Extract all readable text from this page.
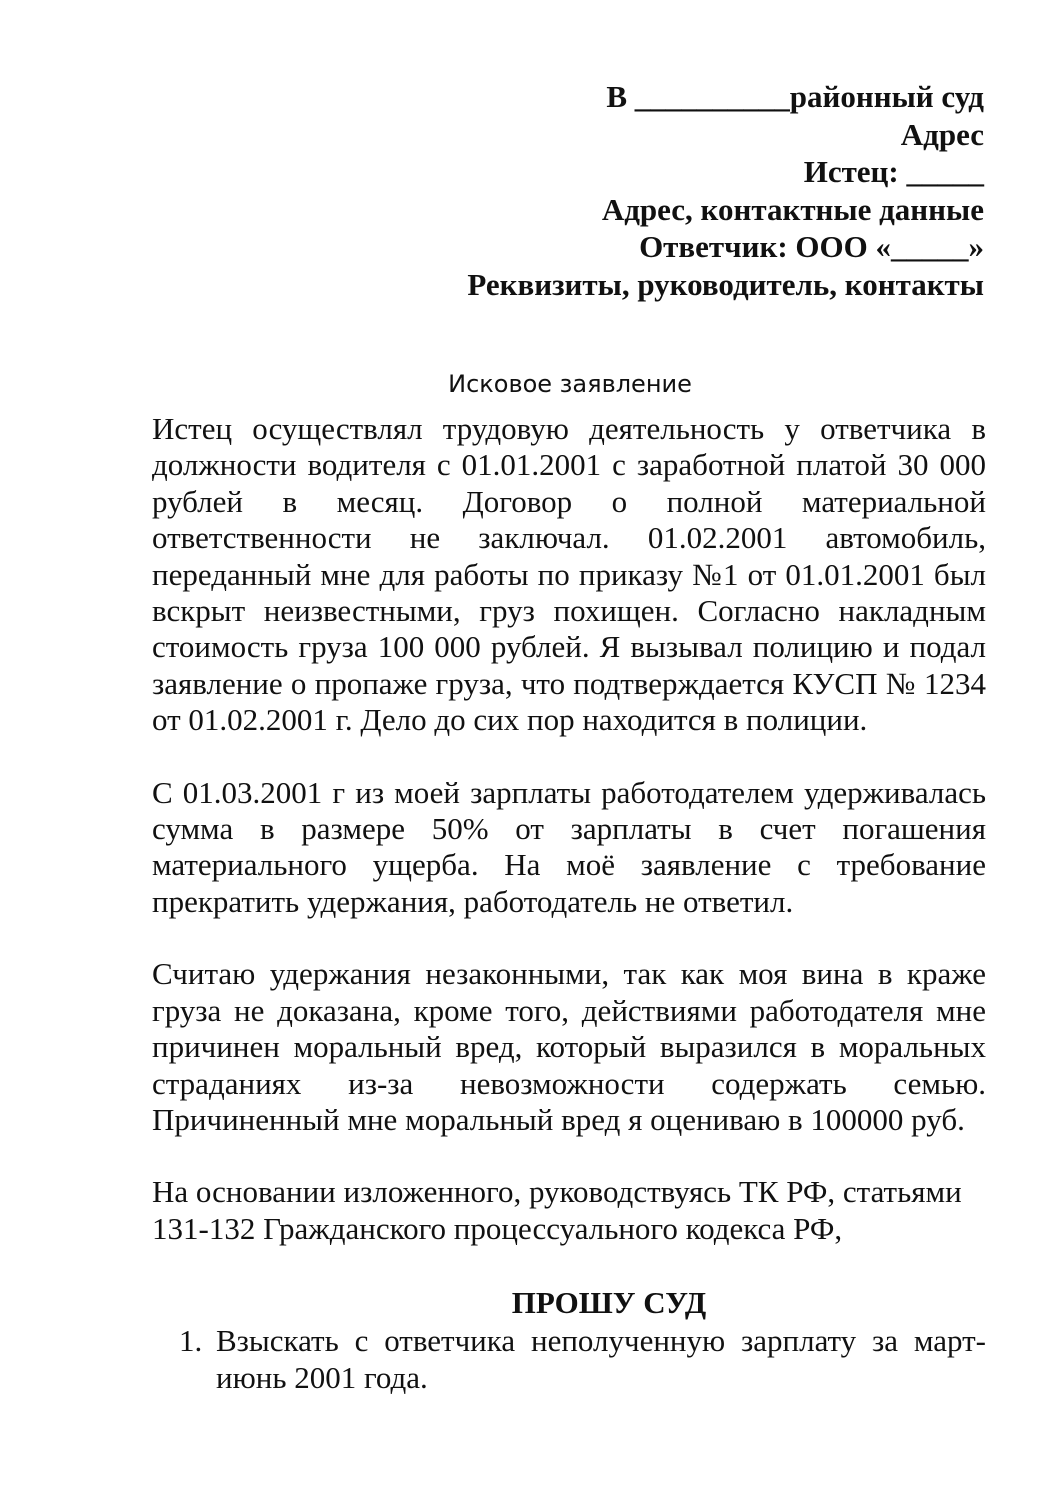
В __________районный суд
Адрес
Истец: _____
Адрес, контактные данные
Ответчик: ООО «_____»
Реквизиты, руководитель, контакты
Исковое заявление

Истец осуществлял трудовую деятельность у ответчика в должности водителя с 01.01.2001 с заработной платой 30 000 рублей в месяц. Договор о полной материальной ответственности не заключал. 01.02.2001 автомобиль, переданный мне для работы по приказу №1 от 01.01.2001 был вскрыт неизвестными, груз похищен. Согласно накладным стоимость груза 100 000 рублей. Я вызывал полицию и подал заявление о пропаже груза, что подтверждается КУСП № 1234 от 01.02.2001 г. Дело до сих пор находится в полиции.

С 01.03.2001 г из моей зарплаты работодателем удерживалась сумма в размере 50% от зарплаты в счет погашения материального ущерба. На моё заявление с требование прекратить удержания, работодатель не ответил.

Считаю удержания незаконными, так как моя вина в краже груза не доказана, кроме того, действиями работодателя мне причинен моральный вред, который выразился в моральных страданиях из-за невозможности содержать семью. Причиненный мне моральный вред я оцениваю в 100000 руб.

На основании изложенного, руководствуясь ТК РФ, статьями 131-132 Гражданского процессуального кодекса РФ,

ПРОШУ СУД
1. Взыскать с ответчика неполученную зарплату за март-июнь 2001 года.
